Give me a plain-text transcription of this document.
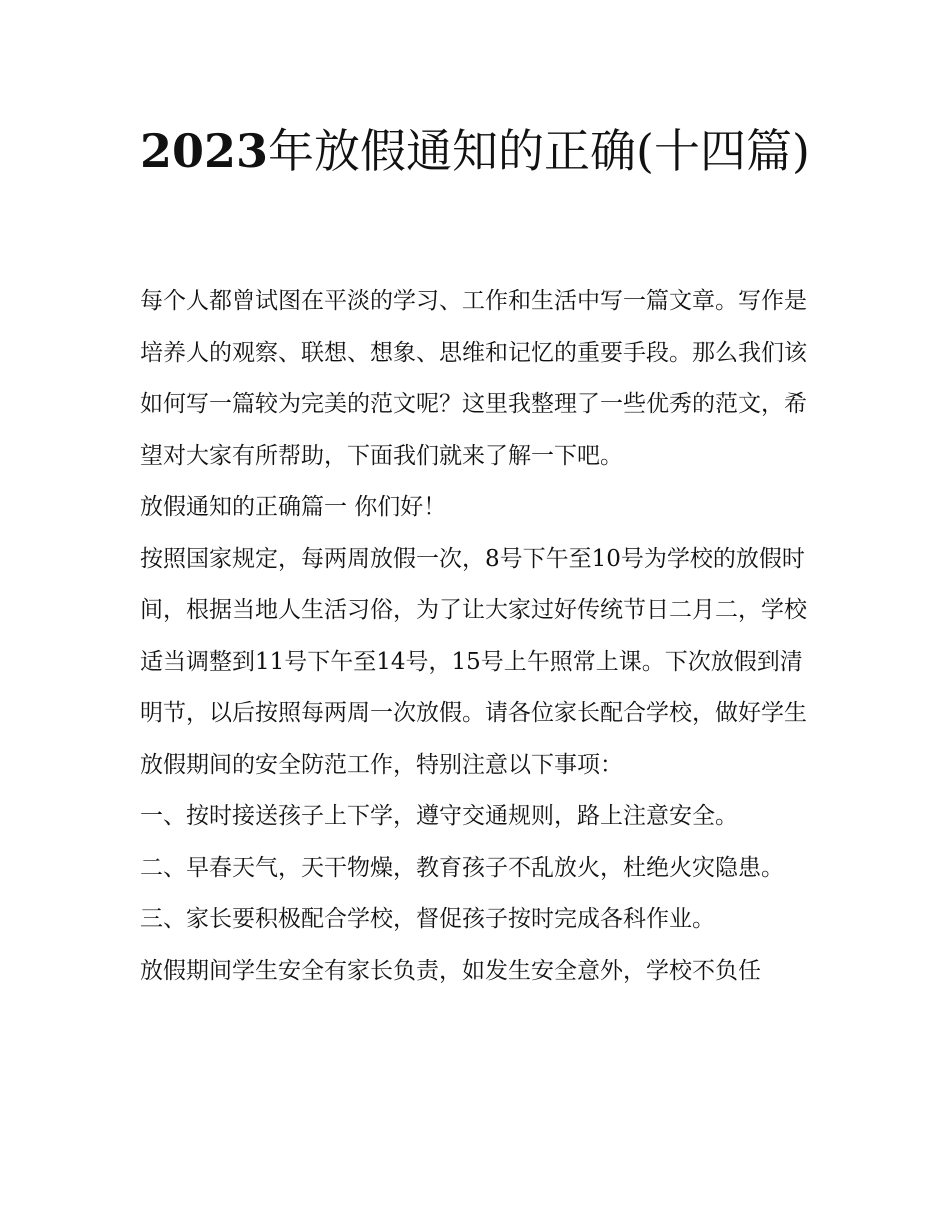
2023年放假通知的正确(十四篇)

每个人都曾试图在平淡的学习、工作和生活中写一篇文章。写作是培养人的观察、联想、想象、思维和记忆的重要手段。那么我们该如何写一篇较为完美的范文呢？这里我整理了一些优秀的范文，希望对大家有所帮助，下面我们就来了解一下吧。

放假通知的正确篇一 你们好！

按照国家规定，每两周放假一次，8号下午至10号为学校的放假时间，根据当地人生活习俗，为了让大家过好传统节日二月二，学校适当调整到11号下午至14号，15号上午照常上课。下次放假到清明节，以后按照每两周一次放假。请各位家长配合学校，做好学生放假期间的安全防范工作，特别注意以下事项：

一、按时接送孩子上下学，遵守交通规则，路上注意安全。

二、早春天气，天干物燥，教育孩子不乱放火，杜绝火灾隐患。

三、家长要积极配合学校，督促孩子按时完成各科作业。

放假期间学生安全有家长负责，如发生安全意外，学校不负任
